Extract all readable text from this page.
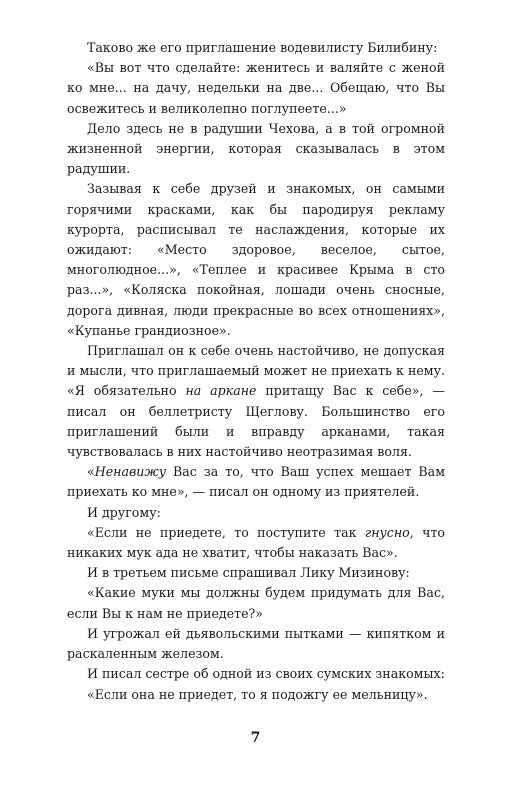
Таково же его приглашение водевилисту Билибину:

«Вы вот что сделайте: женитесь и валяйте с женой ко мне... на дачу, недельки на две... Обещаю, что Вы освежитесь и великолепно поглупеете...»

Дело здесь не в радушии Чехова, а в той огромной жизненной энергии, которая сказывалась в этом радушии.

Зазывая к себе друзей и знакомых, он самыми горячими красками, как бы пародируя рекламу курорта, расписывал те наслаждения, которые их ожидают: «Место здоровое, веселое, сытое, многолюдное...», «Теплее и красивее Крыма в сто раз...», «Коляска покойная, лошади очень сносные, дорога дивная, люди прекрасные во всех отношениях», «Купанье грандиозное».

Приглашал он к себе очень настойчиво, не допуская и мысли, что приглашаемый может не приехать к нему. «Я обязательно на аркане притащу Вас к себе», — писал он беллетристу Щеглову. Большинство его приглашений были и вправду арканами, такая чувствовалась в них настойчиво неотразимая воля.

«Ненавижу Вас за то, что Ваш успех мешает Вам приехать ко мне», — писал он одному из приятелей.

И другому:

«Если не приедете, то поступите так гнусно, что никаких мук ада не хватит, чтобы наказать Вас».

И в третьем письме спрашивал Лику Мизинову:

«Какие муки мы должны будем придумать для Вас, если Вы к нам не приедете?»

И угрожал ей дьявольскими пытками — кипятком и раскаленным железом.

И писал сестре об одной из своих сумских знакомых:

«Если она не приедет, то я подожгу ее мельницу».

7
